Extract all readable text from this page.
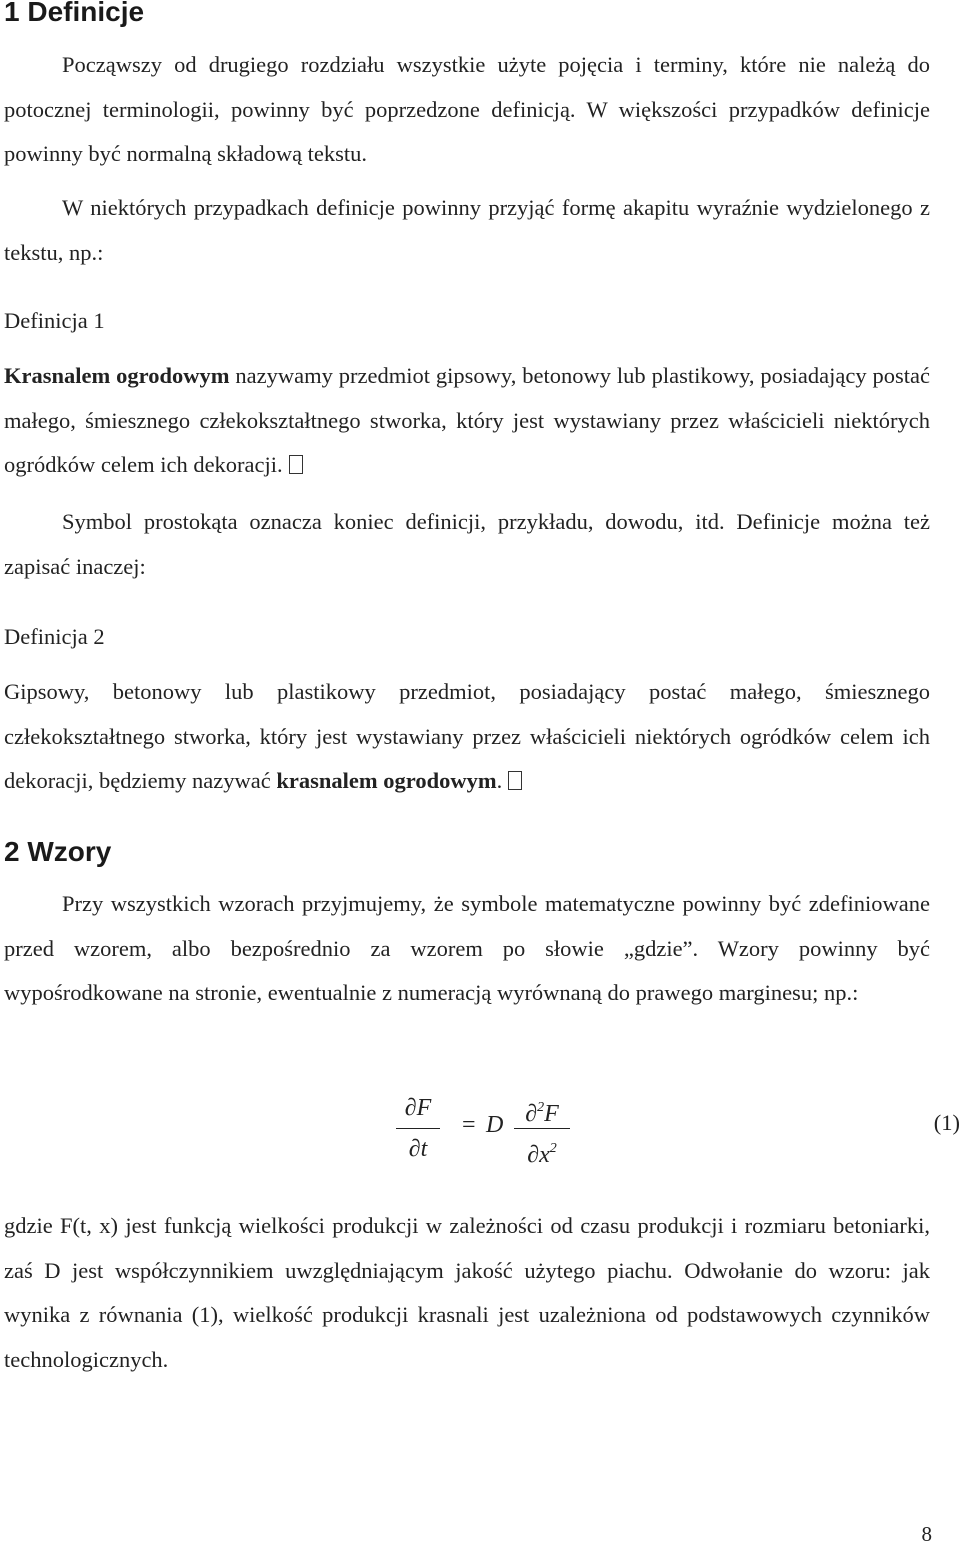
1 Definicje

Począwszy od drugiego rozdziału wszystkie użyte pojęcia i terminy, które nie należą do potocznej terminologii, powinny być poprzedzone definicją. W większości przypadków definicje powinny być normalną składową tekstu.

W niektórych przypadkach definicje powinny przyjąć formę akapitu wyraźnie wydzielonego z tekstu, np.:

Definicja 1

Krasnalem ogrodowym nazywamy przedmiot gipsowy, betonowy lub plastikowy, posiadający postać małego, śmiesznego człekokształtnego stworka, który jest wystawiany przez właścicieli niektórych ogródków celem ich dekoracji.

Symbol prostokąta oznacza koniec definicji, przykładu, dowodu, itd. Definicje można też zapisać inaczej:

Definicja 2

Gipsowy, betonowy lub plastikowy przedmiot, posiadający postać małego, śmiesznego człekokształtnego stworka, który jest wystawiany przez właścicieli niektórych ogródków celem ich dekoracji, będziemy nazywać krasnalem ogrodowym.

2 Wzory

Przy wszystkich wzorach przyjmujemy, że symbole matematyczne powinny być zdefiniowane przed wzorem, albo bezpośrednio za wzorem po słowie „gdzie”. Wzory powinny być wypośrodkowane na stronie, ewentualnie z numeracją wyrównaną do prawego marginesu; np.:

∂F
∂t
= D ∂$^2$F
$\partial x^2$
(1)

gdzie F(t, x) jest funkcją wielkości produkcji w zależności od czasu produkcji i rozmiaru betoniarki, zaś D jest współczynnikiem uwzględniającym jakość użytego piachu. Odwołanie do wzoru: jak wynika z równania (1), wielkość produkcji krasnali jest uzależniona od podstawowych czynników technologicznych.

8
